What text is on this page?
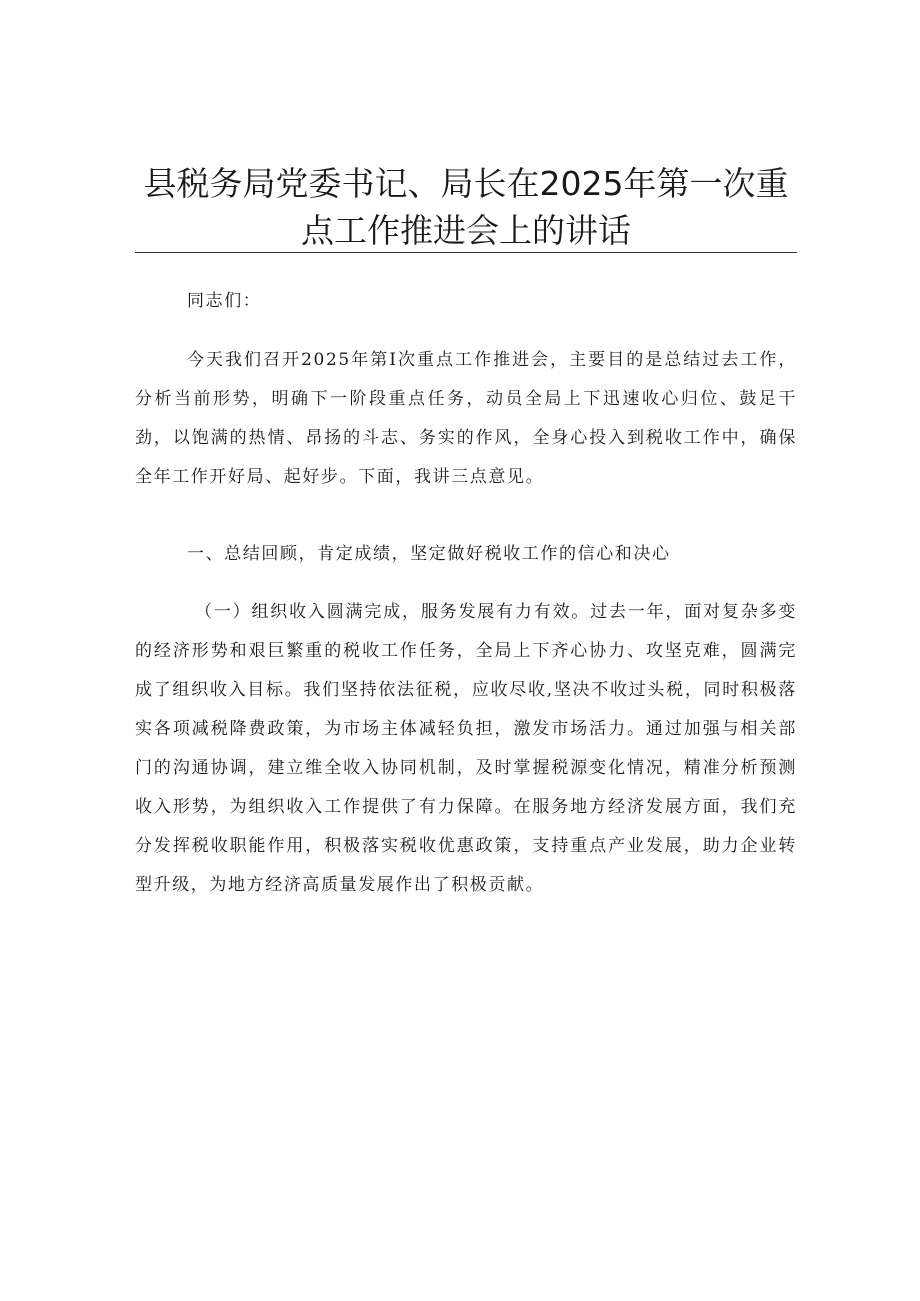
县税务局党委书记、局长在2025年第一次重
点工作推进会上的讲话

同志们：

今天我们召开2025年第I次重点工作推进会，主要目的是总结过去工作，分析当前形势，明确下一阶段重点任务，动员全局上下迅速收心归位、鼓足干劲，以饱满的热情、昂扬的斗志、务实的作风，全身心投入到税收工作中，确保全年工作开好局、起好步。下面，我讲三点意见。

一、总结回顾，肯定成绩，坚定做好税收工作的信心和决心

（一）组织收入圆满完成，服务发展有力有效。过去一年，面对复杂多变的经济形势和艰巨繁重的税收工作任务，全局上下齐心协力、攻坚克难，圆满完成了组织收入目标。我们坚持依法征税，应收尽收,坚决不收过头税，同时积极落实各项减税降费政策，为市场主体减轻负担，激发市场活力。通过加强与相关部门的沟通协调，建立维全收入协同机制，及时掌握税源变化情况，精准分析预测收入形势，为组织收入工作提供了有力保障。在服务地方经济发展方面，我们充分发挥税收职能作用，积极落实税收优惠政策，支持重点产业发展，助力企业转型升级，为地方经济高质量发展作出了积极贡献。
